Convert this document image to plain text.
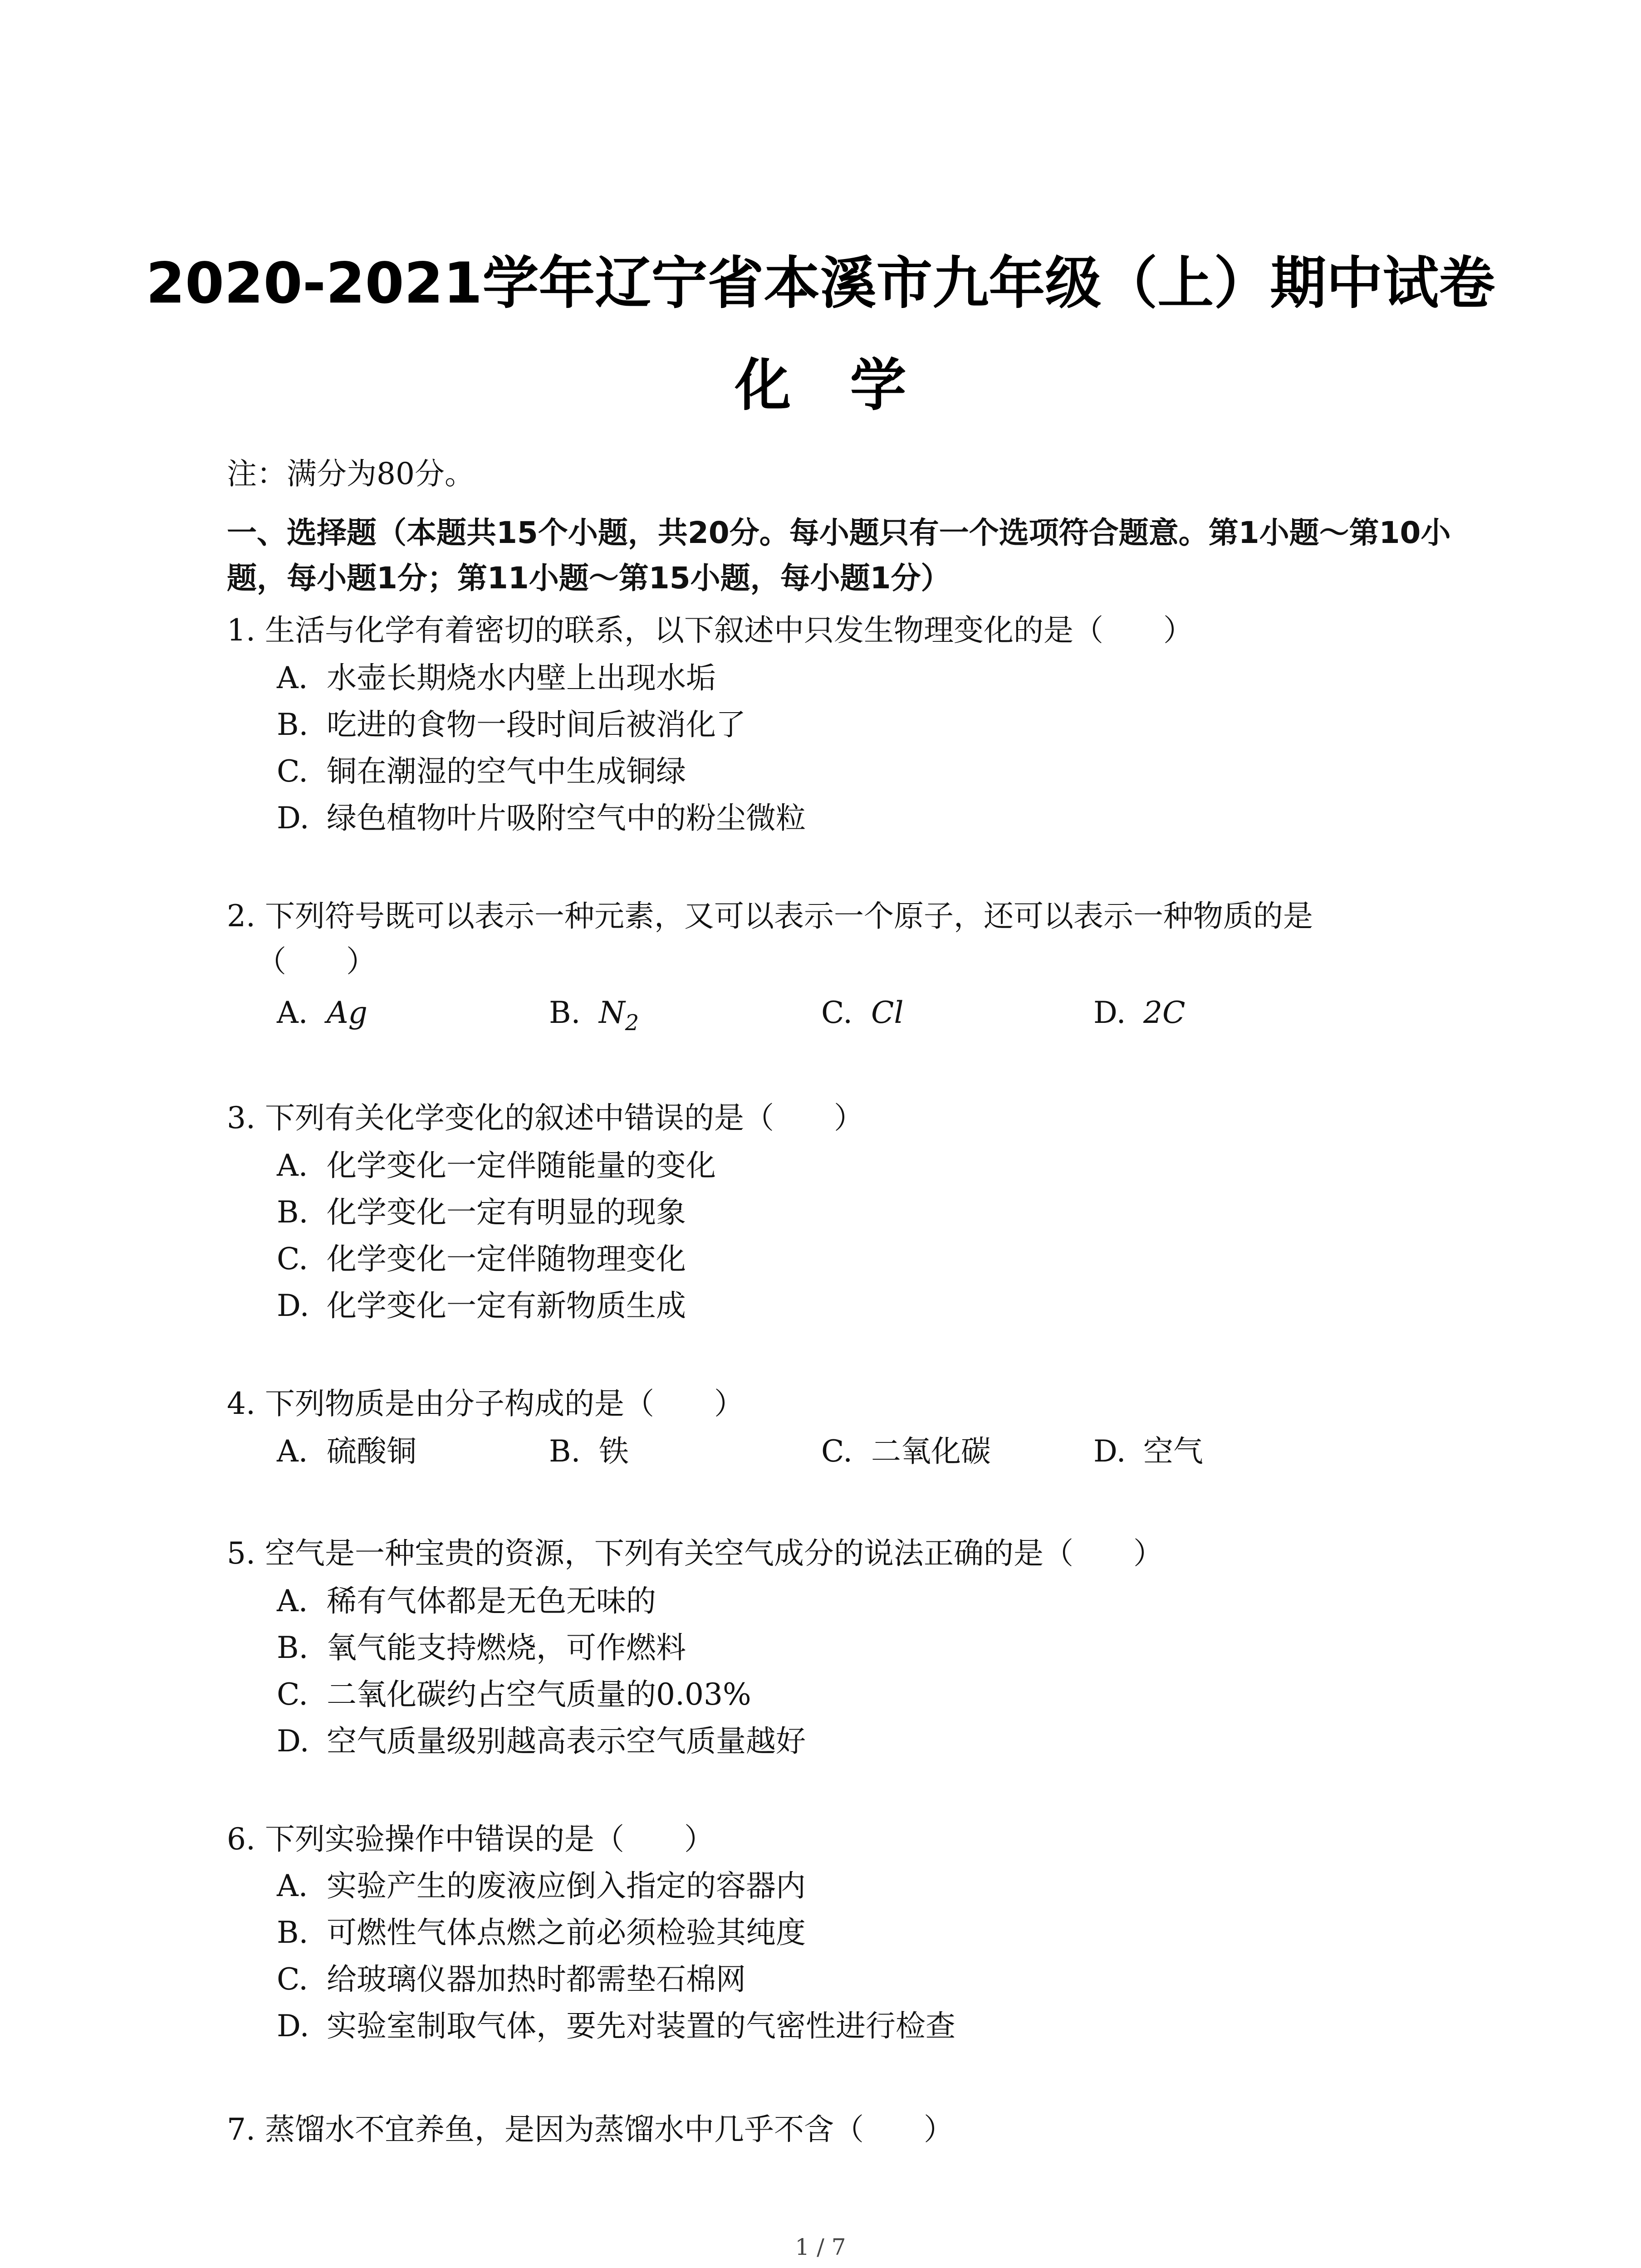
2020-2021学年辽宁省本溪市九年级（上）期中试卷
化学
注：满分为80分。
一、选择题（本题共15个小题，共20分。每小题只有一个选项符合题意。第1小题～第10小
题，每小题1分；第11小题～第15小题，每小题1分）
1. 生活与化学有着密切的联系，以下叙述中只发生物理变化的是（　　）
A. 水壶长期烧水内壁上出现水垢
B. 吃进的食物一段时间后被消化了
C. 铜在潮湿的空气中生成铜绿
D. 绿色植物叶片吸附空气中的粉尘微粒
2. 下列符号既可以表示一种元素，又可以表示一个原子，还可以表示一种物质的是
（　　）
A. Ag	B. $N_2$	C. Cl	D. 2C
3. 下列有关化学变化的叙述中错误的是（　　）
A. 化学变化一定伴随能量的变化
B. 化学变化一定有明显的现象
C. 化学变化一定伴随物理变化
D. 化学变化一定有新物质生成
4. 下列物质是由分子构成的是（　　）
A. 硫酸铜	B. 铁	C. 二氧化碳	D. 空气
5. 空气是一种宝贵的资源，下列有关空气成分的说法正确的是（　　）
A. 稀有气体都是无色无味的
B. 氧气能支持燃烧，可作燃料
C. 二氧化碳约占空气质量的0.03%
D. 空气质量级别越高表示空气质量越好
6. 下列实验操作中错误的是（　　）
A. 实验产生的废液应倒入指定的容器内
B. 可燃性气体点燃之前必须检验其纯度
C. 给玻璃仪器加热时都需垫石棉网
D. 实验室制取气体，要先对装置的气密性进行检查
7. 蒸馏水不宜养鱼，是因为蒸馏水中几乎不含（　　）
1 / 7
